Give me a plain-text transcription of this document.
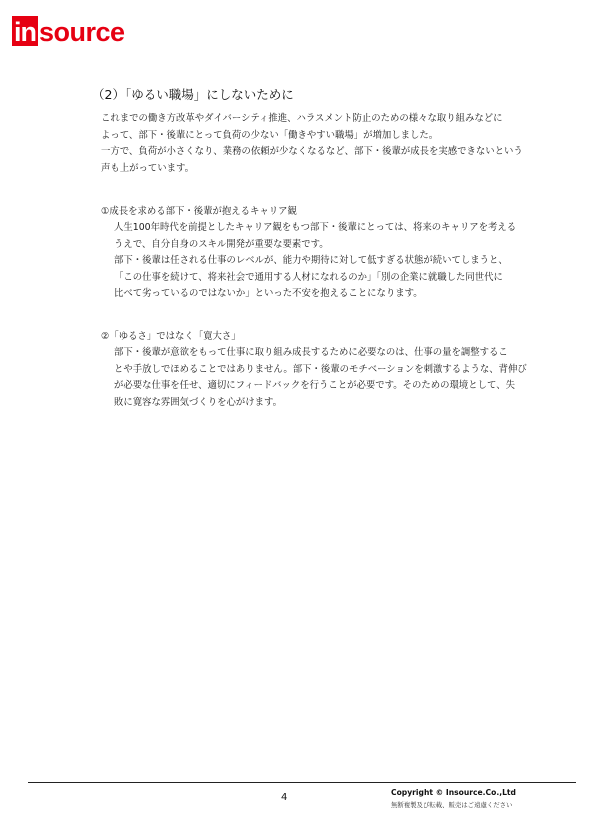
in source
（2）「ゆるい職場」にしないために
これまでの働き方改革やダイバーシティ推進、ハラスメント防止のための様々な取り組みなどに
よって、部下・後輩にとって負荷の少ない「働きやすい職場」が増加しました。
一方で、負荷が小さくなり、業務の依頼が少なくなるなど、部下・後輩が成長を実感できないという
声も上がっています。
①成長を求める部下・後輩が抱えるキャリア観
人生100年時代を前提としたキャリア観をもつ部下・後輩にとっては、将来のキャリアを考える
うえで、自分自身のスキル開発が重要な要素です。
部下・後輩は任される仕事のレベルが、能力や期待に対して低すぎる状態が続いてしまうと、
「この仕事を続けて、将来社会で通用する人材になれるのか」「別の企業に就職した同世代に
比べて劣っているのではないか」といった不安を抱えることになります。
②「ゆるさ」ではなく「寛大さ」
部下・後輩が意欲をもって仕事に取り組み成長するために必要なのは、仕事の量を調整するこ
とや手放しでほめることではありません。部下・後輩のモチベーションを刺激するような、背伸び
が必要な仕事を任せ、適切にフィードバックを行うことが必要です。そのための環境として、失
敗に寛容な雰囲気づくりを心がけます。
4	Copyright © Insource.Co.,Ltd
無断複製及び転載、販売はご遠慮ください
